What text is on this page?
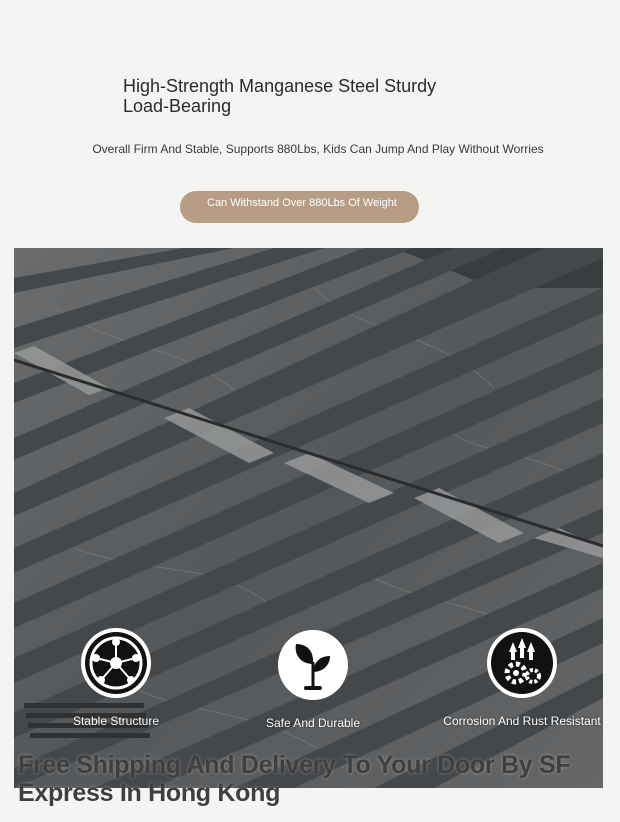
High-Strength Manganese Steel Sturdy Load-Bearing
Overall Firm And Stable, Supports 880Lbs, Kids Can Jump And Play Without Worries
Can Withstand Over 880Lbs Of Weight
Stable Structure	Safe And Durable	Corrosion And Rust Resistant
Free Shipping And Delivery To Your Door By SF Express In Hong Kong
